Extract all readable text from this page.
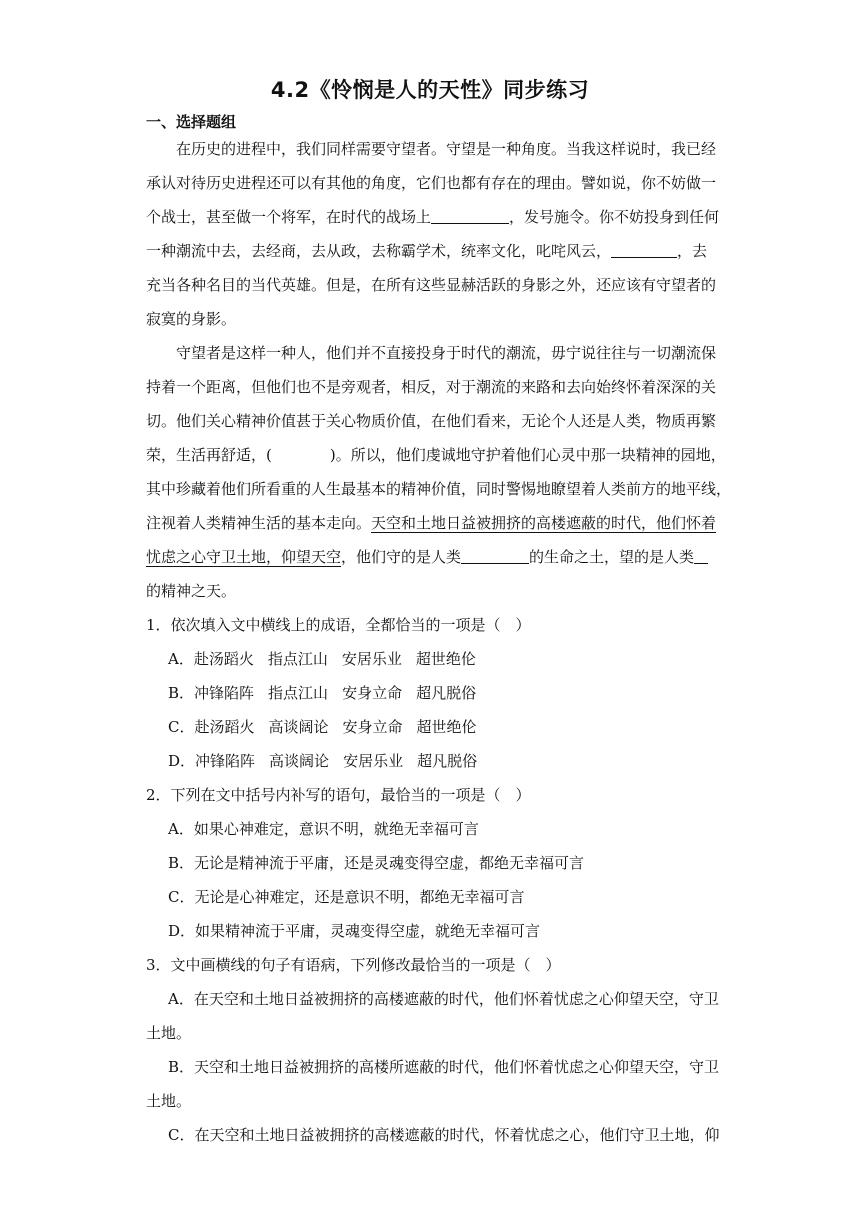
4.2《怜悯是人的天性》同步练习
一、选择题组
在历史的进程中，我们同样需要守望者。守望是一种角度。当我这样说时，我已经
承认对待历史进程还可以有其他的角度，它们也都有存在的理由。譬如说，你不妨做一
个战士，甚至做一个将军，在时代的战场上	，发号施令。你不妨投身到任何
一种潮流中去，去经商，去从政，去称霸学术，统率文化，叱咤风云，	，去
充当各种名目的当代英雄。但是，在所有这些显赫活跃的身影之外，还应该有守望者的
寂寞的身影。
守望者是这样一种人，他们并不直接投身于时代的潮流，毋宁说往往与一切潮流保
持着一个距离，但他们也不是旁观者，相反，对于潮流的来路和去向始终怀着深深的关
切。他们关心精神价值甚于关心物质价值，在他们看来，无论个人还是人类，物质再繁
荣，生活再舒适，(	)。所以，他们虔诚地守护着他们心灵中那一块精神的园地，
其中珍藏着他们所看重的人生最基本的精神价值，同时警惕地瞭望着人类前方的地平线，
注视着人类精神生活的基本走向。天空和土地日益被拥挤的高楼遮蔽的时代，他们怀着
忧虑之心守卫土地，仰望天空，他们守的是人类	的生命之土，望的是人类
的精神之天。
1．依次填入文中横线上的成语，全都恰当的一项是（　）
A．赴汤蹈火 指点江山 安居乐业 超世绝伦
B．冲锋陷阵 指点江山 安身立命 超凡脱俗
C．赴汤蹈火 高谈阔论 安身立命 超世绝伦
D．冲锋陷阵 高谈阔论 安居乐业 超凡脱俗
2．下列在文中括号内补写的语句，最恰当的一项是（　）
A．如果心神难定，意识不明，就绝无幸福可言
B．无论是精神流于平庸，还是灵魂变得空虚，都绝无幸福可言
C．无论是心神难定，还是意识不明，都绝无幸福可言
D．如果精神流于平庸，灵魂变得空虚，就绝无幸福可言
3．文中画横线的句子有语病，下列修改最恰当的一项是（　）
A．在天空和土地日益被拥挤的高楼遮蔽的时代，他们怀着忧虑之心仰望天空，守卫
土地。
B．天空和土地日益被拥挤的高楼所遮蔽的时代，他们怀着忧虑之心仰望天空，守卫
土地。
C．在天空和土地日益被拥挤的高楼遮蔽的时代，怀着忧虑之心，他们守卫土地，仰
